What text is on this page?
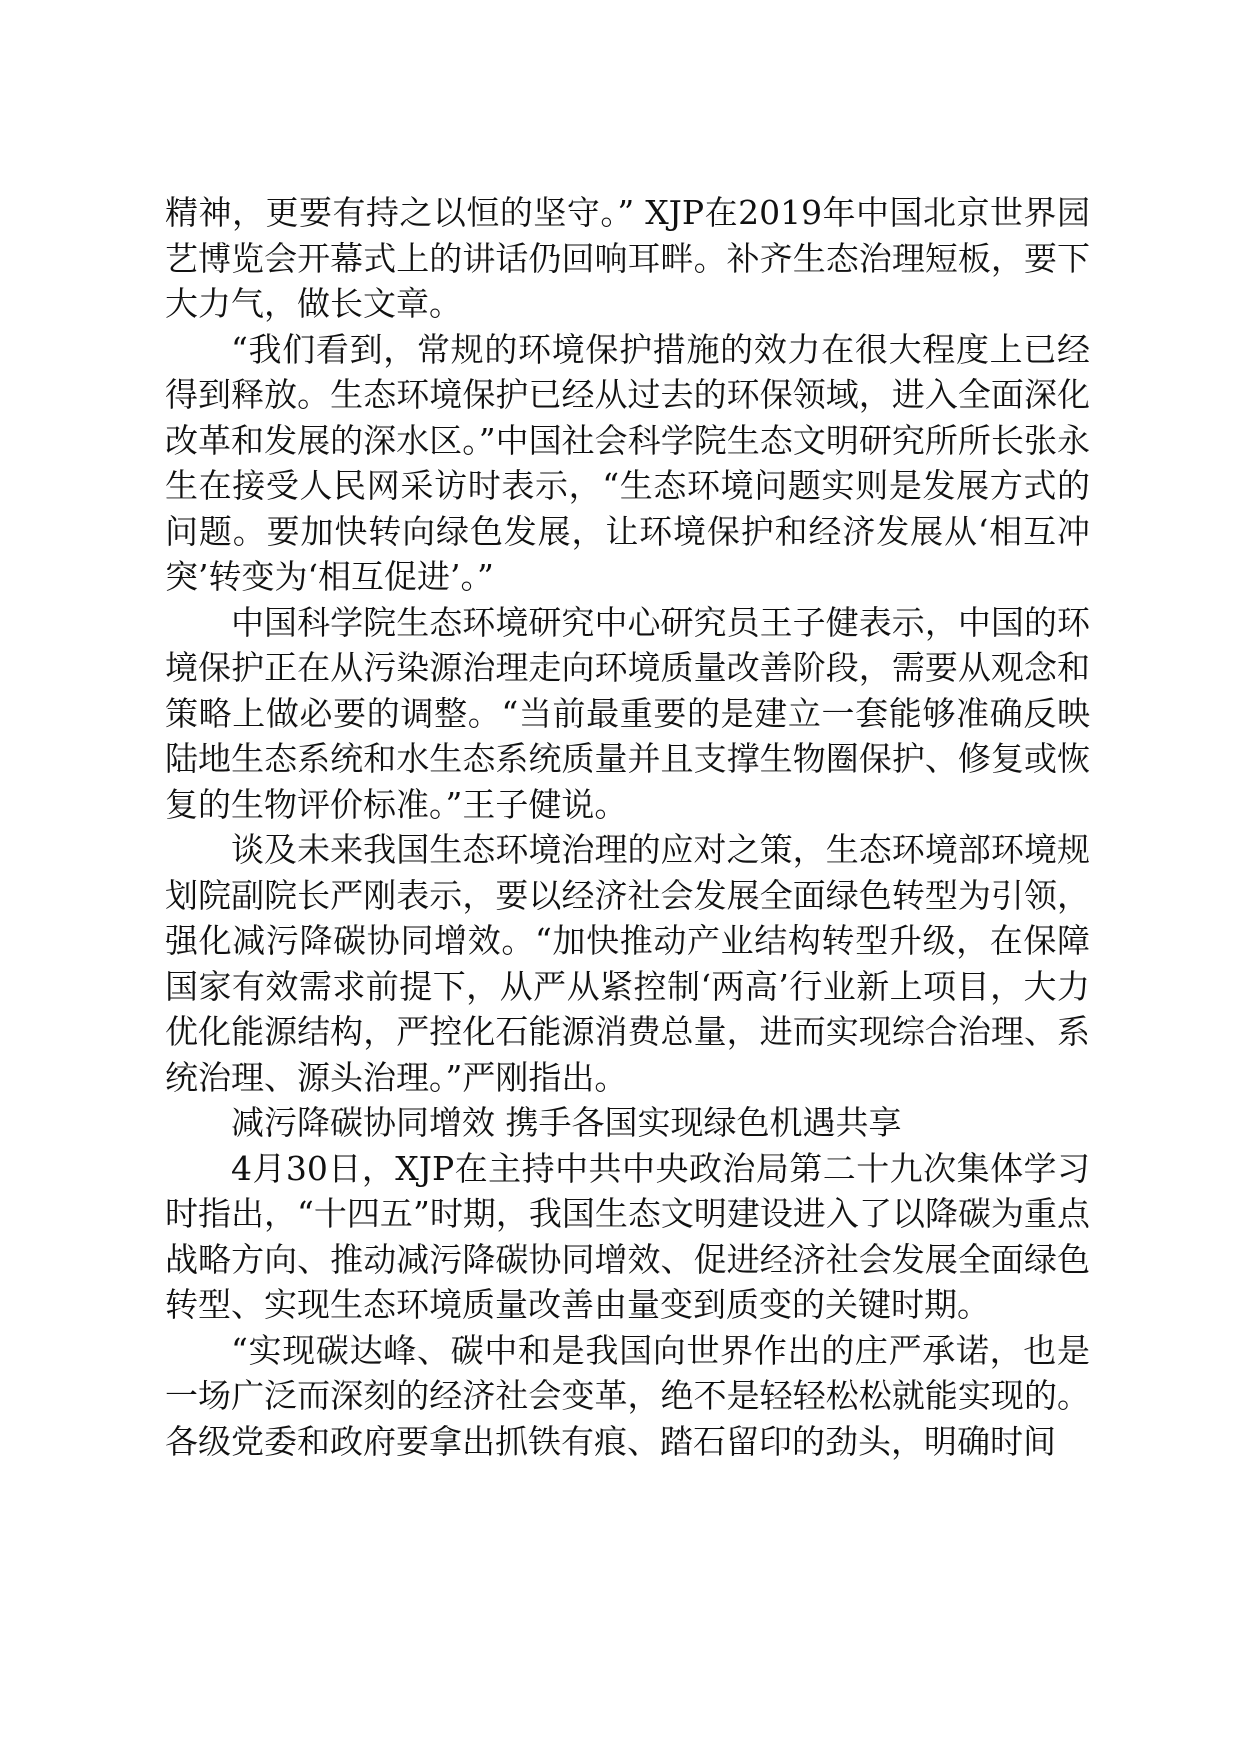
精神，更要有持之以恒的坚守。” XJP在2019年中国北京世界园艺博览会开幕式上的讲话仍回响耳畔。补齐生态治理短板，要下大力气，做长文章。

“我们看到，常规的环境保护措施的效力在很大程度上已经得到释放。生态环境保护已经从过去的环保领域，进入全面深化改革和发展的深水区。”中国社会科学院生态文明研究所所长张永生在接受人民网采访时表示，“生态环境问题实则是发展方式的问题。要加快转向绿色发展，让环境保护和经济发展从‘相互冲突’转变为‘相互促进’。”

中国科学院生态环境研究中心研究员王子健表示，中国的环境保护正在从污染源治理走向环境质量改善阶段，需要从观念和策略上做必要的调整。“当前最重要的是建立一套能够准确反映陆地生态系统和水生态系统质量并且支撑生物圈保护、修复或恢复的生物评价标准。”王子健说。

谈及未来我国生态环境治理的应对之策，生态环境部环境规划院副院长严刚表示，要以经济社会发展全面绿色转型为引领，强化减污降碳协同增效。“加快推动产业结构转型升级，在保障国家有效需求前提下，从严从紧控制‘两高’行业新上项目，大力优化能源结构，严控化石能源消费总量，进而实现综合治理、系统治理、源头治理。”严刚指出。

减污降碳协同增效 携手各国实现绿色机遇共享

4月30日，XJP在主持中共中央政治局第二十九次集体学习时指出，“十四五”时期，我国生态文明建设进入了以降碳为重点战略方向、推动减污降碳协同增效、促进经济社会发展全面绿色转型、实现生态环境质量改善由量变到质变的关键时期。

“实现碳达峰、碳中和是我国向世界作出的庄严承诺，也是一场广泛而深刻的经济社会变革，绝不是轻轻松松就能实现的。各级党委和政府要拿出抓铁有痕、踏石留印的劲头，明确时间
